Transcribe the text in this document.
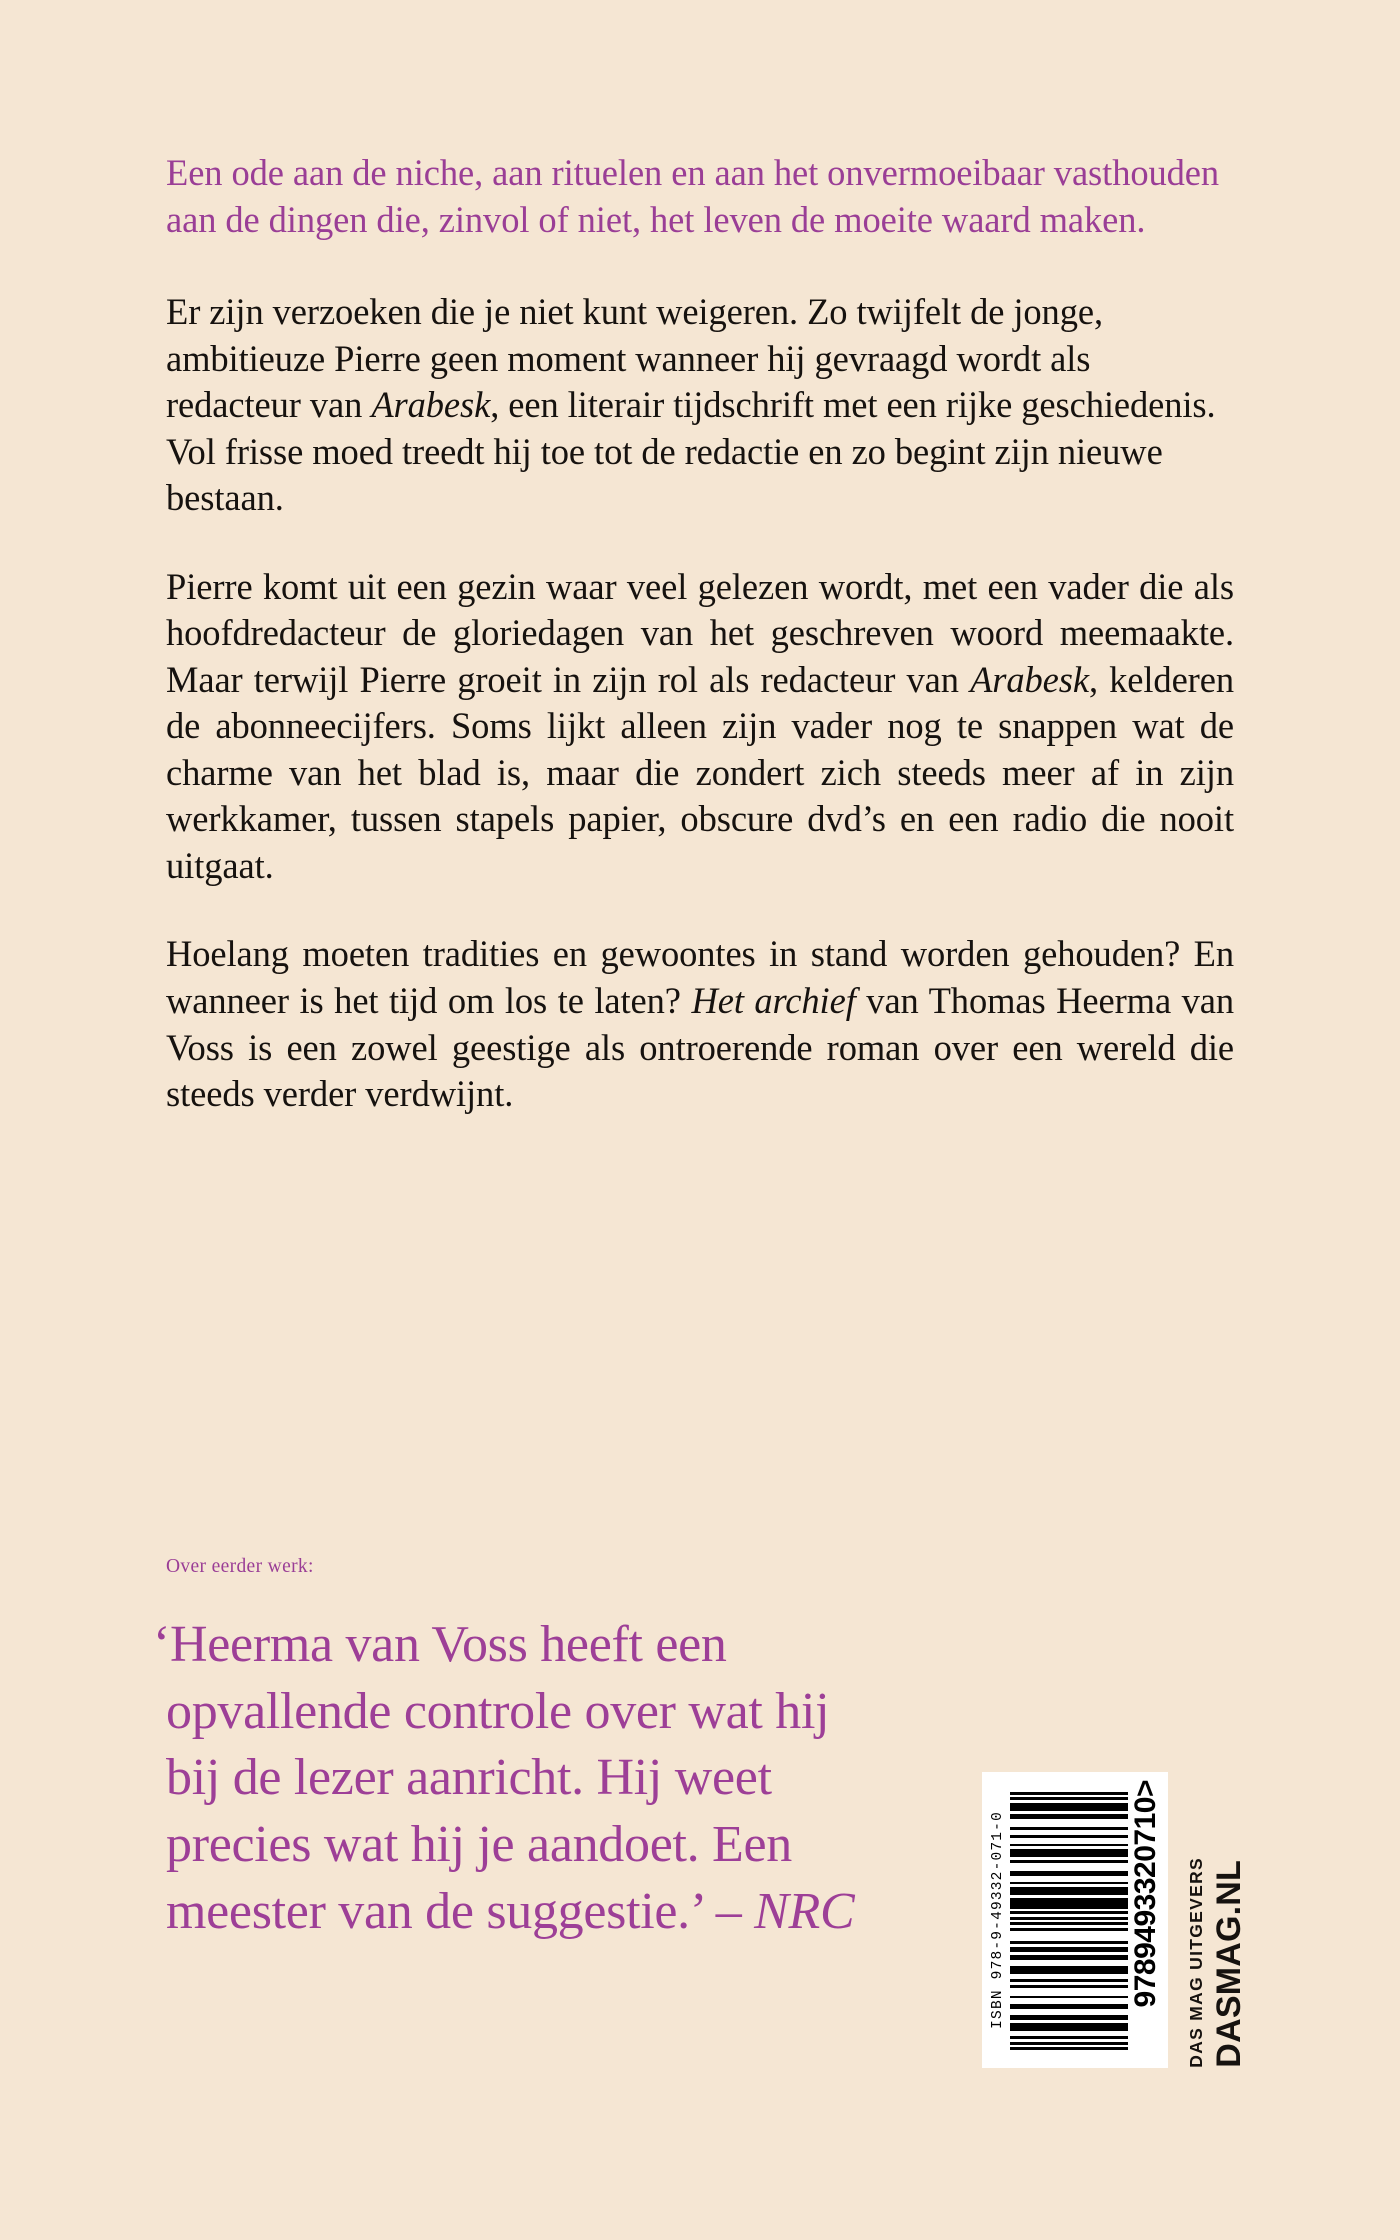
Een ode aan de niche, aan rituelen en aan het onvermoeibaar vasthouden aan de dingen die, zinvol of niet, het leven de moeite waard maken.

Er zijn verzoeken die je niet kunt weigeren. Zo twijfelt de jonge, ambitieuze Pierre geen moment wanneer hij gevraagd wordt als redacteur van Arabesk, een literair tijdschrift met een rijke geschiedenis. Vol frisse moed treedt hij toe tot de redactie en zo begint zijn nieuwe bestaan.

Pierre komt uit een gezin waar veel gelezen wordt, met een vader die als hoofdredacteur de gloriedagen van het geschreven woord meemaakte. Maar terwijl Pierre groeit in zijn rol als redacteur van Arabesk, kelderen de abonneecijfers. Soms lijkt alleen zijn vader nog te snappen wat de charme van het blad is, maar die zondert zich steeds meer af in zijn werkkamer, tussen stapels papier, obscure dvd’s en een radio die nooit uitgaat.

Hoelang moeten tradities en gewoontes in stand worden gehouden? En wanneer is het tijd om los te laten? Het archief van Thomas Heerma van Voss is een zowel geestige als ontroerende roman over een wereld die steeds verder verdwijnt.

Over eerder werk:

‘Heerma van Voss heeft een opvallende controle over wat hij bij de lezer aanricht. Hij weet precies wat hij je aandoet. Een meester van de suggestie.’ – NRC	ISBN 978-9-49332-071-0	9789493320710>
DAS MAG UITGEVERS DASMAG.NL
